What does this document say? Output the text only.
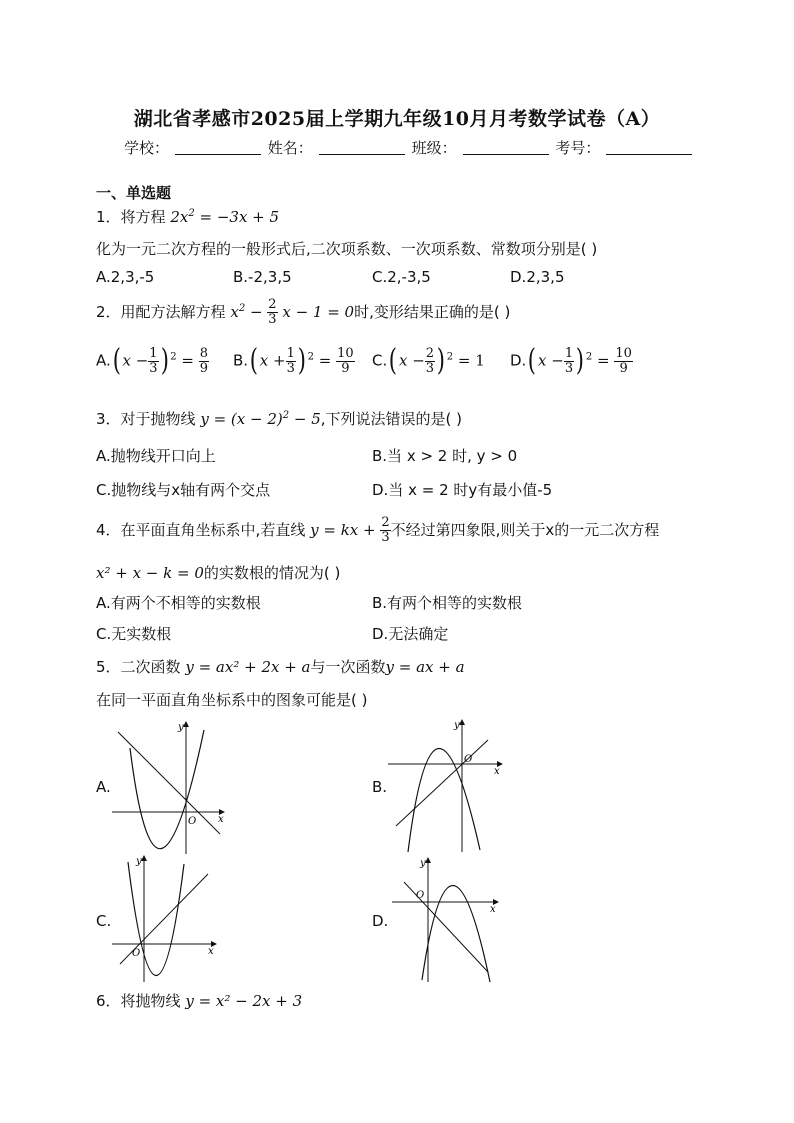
湖北省孝感市2025届上学期九年级10月月考数学试卷（A）
学校：	姓名：	班级：	考号：
一、单选题
1．将方程 $2x^2 = -3x + 5$
化为一元二次方程的一般形式后,二次项系数、一次项系数、常数项分别是( )
A.2,3,-5	B.-2,3,5	C.2,-3,5	D.2,3,5
2．用配方法解方程 $x^2 - \frac{2}{3}$ x − 1 = 0时,变形结果正确的是( )
A.( $x - \frac{1}{3}$ ) $^2 = \frac{8}{9} B$.( $x + \frac{1}{3}$ ) $^2 = \frac{10}{9} C$.( $x - \frac{2}{3}$ ) $^2$ = 1 D.( $x - \frac{1}{3}$ ) $^2 = \frac{10}{9}$
3．对于抛物线 $y = (x - 2)^2 - 5$,下列说法错误的是( )
A.抛物线开口向上	B.当 x > 2 时, y > 0
C.抛物线与x轴有两个交点	D.当 x = 2 时y有最小值-5
4．在平面直角坐标系中,若直线 y = kx + $\frac{2}{3}$ 不经过第四象限,则关于x的一元二次方程
x² + x − k = 0的实数根的情况为( )
A.有两个不相等的实数根	B.有两个相等的实数根
C.无实数根	D.无法确定
5．二次函数 y = ax² + 2x + a与一次函数y = ax + a
在同一平面直角坐标系中的图象可能是( )
A.	B.
C.	D.
O x
y
O
x
y
O	x
y
O
x
y
6．将抛物线 y = x² − 2x + 3
